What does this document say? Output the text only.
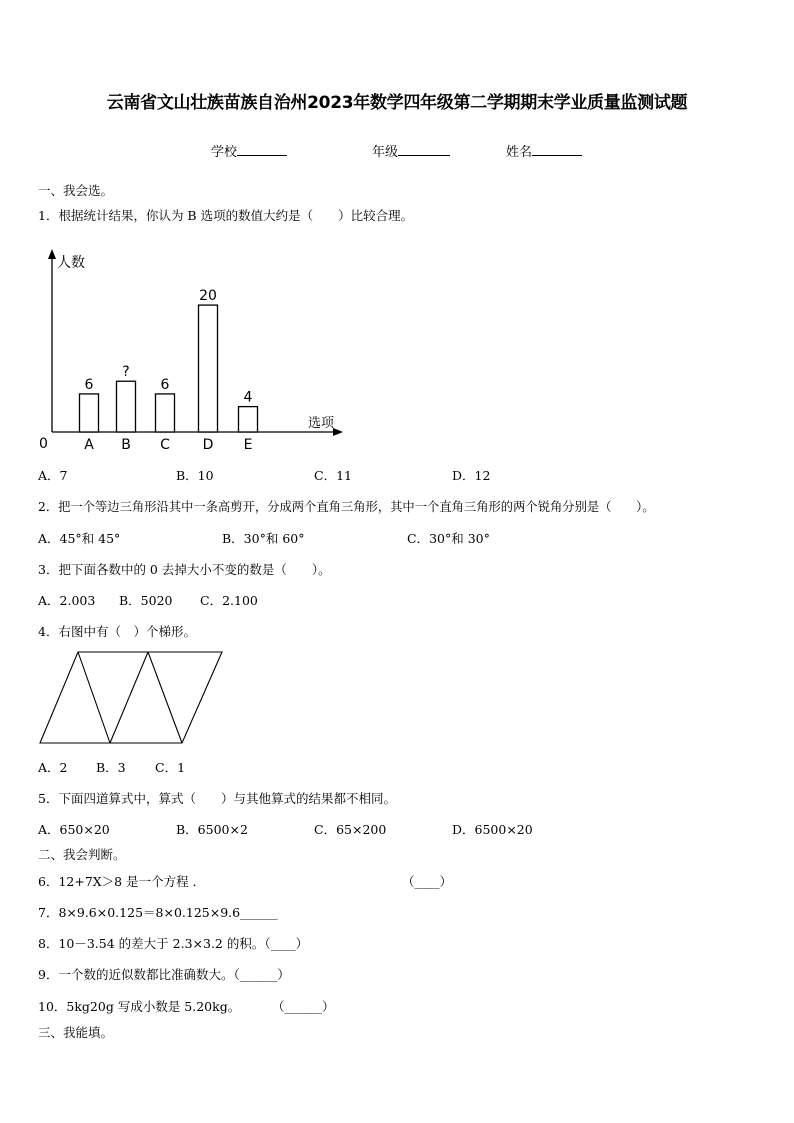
云南省文山壮族苗族自治州2023年数学四年级第二学期期末学业质量监测试题
学校	年级	姓名
一、我会选。
1．根据统计结果，你认为 B 选项的数值大约是（　　）比较合理。
人数
选项
0
6
A
?
B
6
C
20
D
4
E
A．7	B．10	C．11	D．12
2．把一个等边三角形沿其中一条高剪开，分成两个直角三角形，其中一个直角三角形的两个锐角分别是（　　）。
A．45°和 45°	B．30°和 60°	C．30°和 30°
3．把下面各数中的 0 去掉大小不变的数是（　　）。
A．2.003 B．5020 C．2.100
4．右图中有（　）个梯形。
A．2 B．3 C．1
5．下面四道算式中，算式（　　）与其他算式的结果都不相同。
A．650×20	B．6500×2	C．65×200	D．6500×20
二、我会判断。
6．12+7X＞8 是一个方程 ．	（____）
7．8×9.6×0.125＝8×0.125×9.6______
8．10－3.54 的差大于 2.3×3.2 的积。（____）
9．一个数的近似数都比准确数大。（______）
10．5kg20g 写成小数是 5.20kg。	（______）
三、我能填。
